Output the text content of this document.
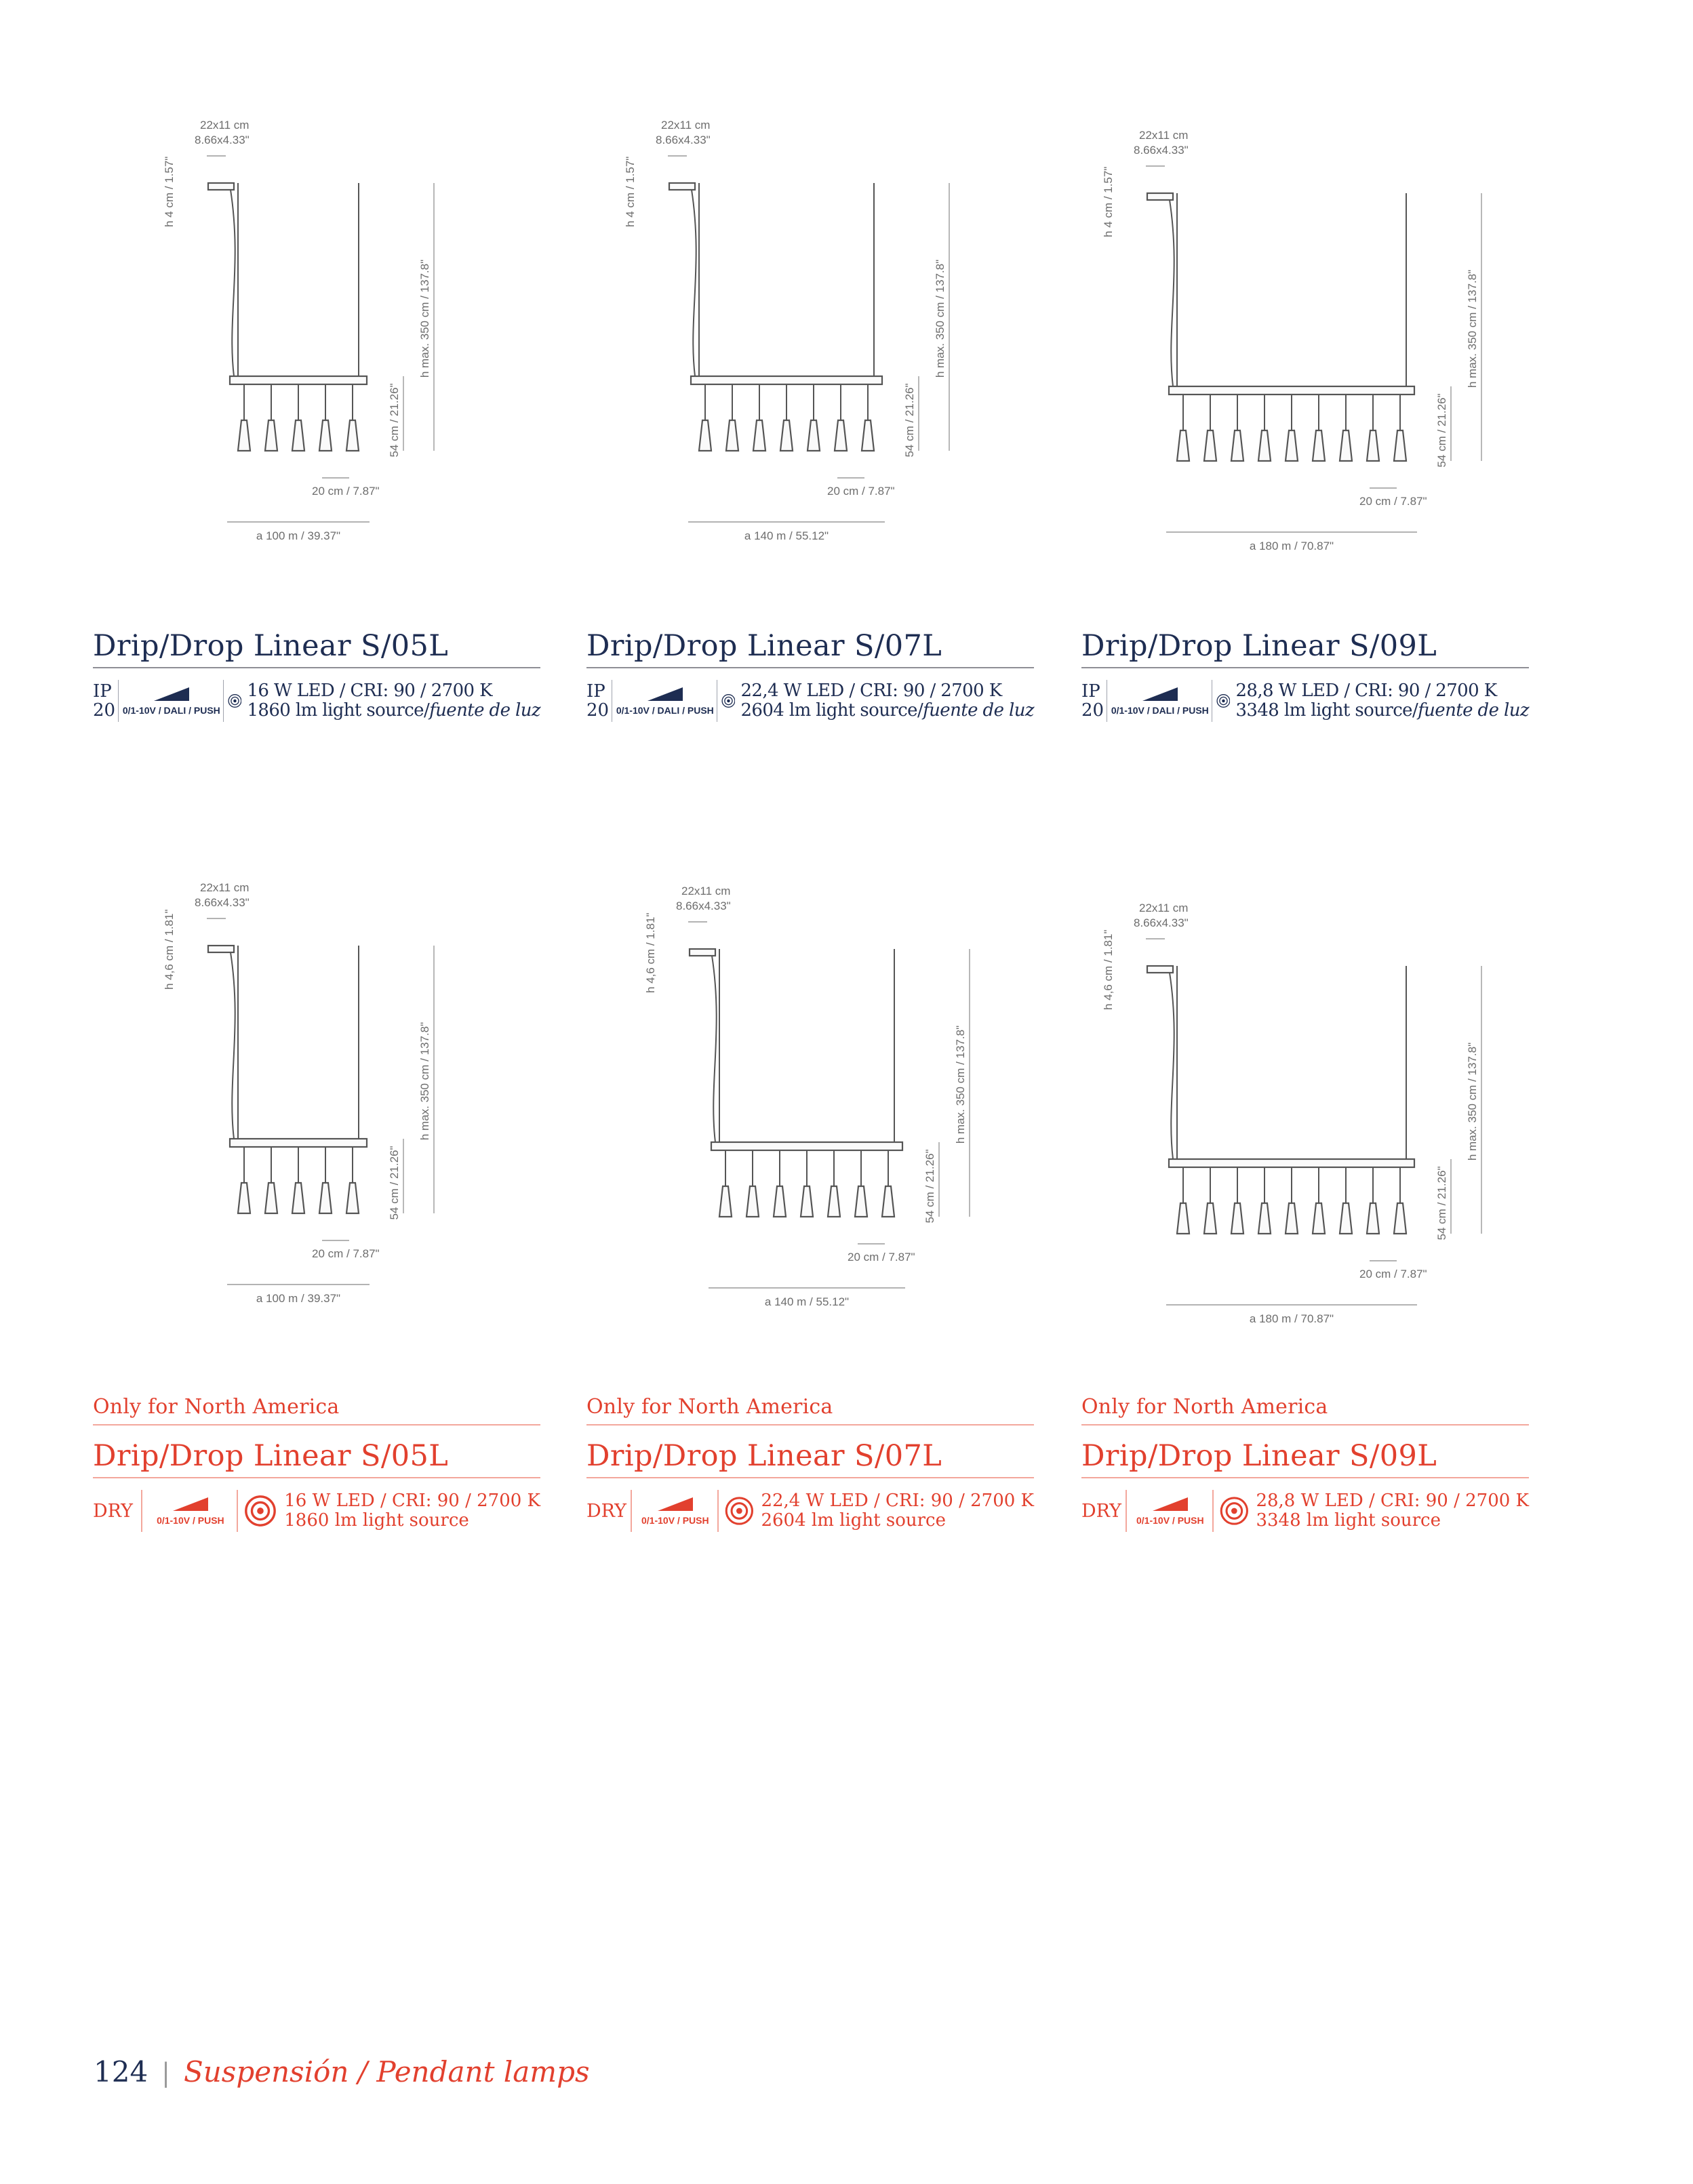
22x11 cm
8.66x4.33"
h 4 cm / 1.57"
h max. 350 cm / 137.8"
54 cm / 21.26"
20 cm / 7.87"
a 100 m / 39.37"
22x11 cm
8.66x4.33"
h 4 cm / 1.57"
h max. 350 cm / 137.8"
54 cm / 21.26"
20 cm / 7.87"
a 140 m / 55.12"
22x11 cm
8.66x4.33"
h 4 cm / 1.57"
h max. 350 cm / 137.8"
54 cm / 21.26"
20 cm / 7.87"
a 180 m / 70.87"
22x11 cm
8.66x4.33"
h 4,6 cm / 1.81"
h max. 350 cm / 137.8"
54 cm / 21.26"
20 cm / 7.87"
a 100 m / 39.37"
22x11 cm
8.66x4.33"
h 4,6 cm / 1.81"
h max. 350 cm / 137.8"
54 cm / 21.26"
20 cm / 7.87"
a 140 m / 55.12"
22x11 cm
8.66x4.33"
h 4,6 cm / 1.81"
h max. 350 cm / 137.8"
54 cm / 21.26"
20 cm / 7.87"
a 180 m / 70.87"
Drip/Drop Linear S/05L
IP
20 0/1-10V / DALI / PUSH
16 W LED / CRI: 90 / 2700 K
1860 lm light source/fuente de luz
Drip/Drop Linear S/07L
IP
20 0/1-10V / DALI / PUSH
22,4 W LED / CRI: 90 / 2700 K
2604 lm light source/fuente de luz
Drip/Drop Linear S/09L
IP
20 0/1-10V / DALI / PUSH
28,8 W LED / CRI: 90 / 2700 K
3348 lm light source/fuente de luz
Only for North America
Drip/Drop Linear S/05L
DRY	0/1-10V / PUSH
16 W LED / CRI: 90 / 2700 K
1860 lm light source
Only for North America
Drip/Drop Linear S/07L
DRY 0/1-10V / PUSH
22,4 W LED / CRI: 90 / 2700 K
2604 lm light source
Only for North America
Drip/Drop Linear S/09L
DRY 0/1-10V / PUSH
28,8 W LED / CRI: 90 / 2700 K
3348 lm light source
124 | Suspensión / Pendant lamps
